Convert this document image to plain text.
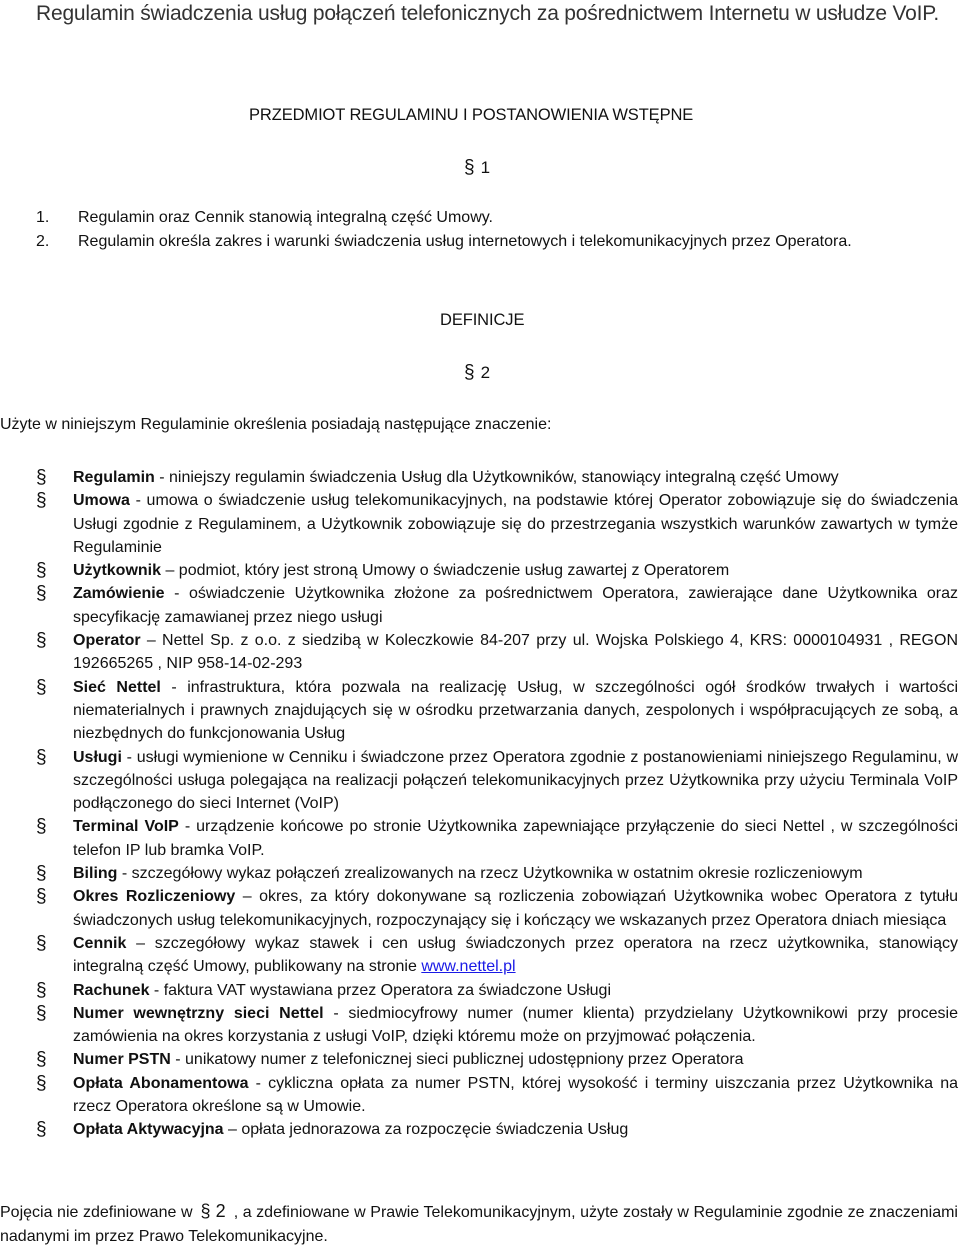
Regulamin świadczenia usług połączeń telefonicznych za pośrednictwem Internetu w usłudze VoIP.
PRZEDMIOT REGULAMINU I POSTANOWIENIA WSTĘPNE
§ 1
1. Regulamin oraz Cennik stanowią integralną część Umowy.
2. Regulamin określa zakres i warunki świadczenia usług internetowych i telekomunikacyjnych przez Operatora.
DEFINICJE
§ 2
Użyte w niniejszym Regulaminie określenia posiadają następujące znaczenie:
§ Regulamin - niniejszy regulamin świadczenia Usług dla Użytkowników, stanowiący integralną część Umowy
§ Umowa - umowa o świadczenie usług telekomunikacyjnych, na podstawie której Operator zobowiązuje się do świadczenia Usługi zgodnie z Regulaminem, a Użytkownik zobowiązuje się do przestrzegania wszystkich warunków zawartych w tymże Regulaminie
§ Użytkownik – podmiot, który jest stroną Umowy o świadczenie usług zawartej z Operatorem
§ Zamówienie - oświadczenie Użytkownika złożone za pośrednictwem Operatora, zawierające dane Użytkownika oraz specyfikację zamawianej przez niego usługi
§ Operator – Nettel Sp. z o.o. z siedzibą w Koleczkowie 84-207 przy ul. Wojska Polskiego 4, KRS: 0000104931 , REGON 192665265 , NIP 958-14-02-293
§ Sieć Nettel - infrastruktura, która pozwala na realizację Usług, w szczególności ogół środków trwałych i wartości niematerialnych i prawnych znajdujących się w ośrodku przetwarzania danych, zespolonych i współpracujących ze sobą, a niezbędnych do funkcjonowania Usług
§ Usługi - usługi wymienione w Cenniku i świadczone przez Operatora zgodnie z postanowieniami niniejszego Regulaminu, w szczególności usługa polegająca na realizacji połączeń telekomunikacyjnych przez Użytkownika przy użyciu Terminala VoIP podłączonego do sieci Internet (VoIP)
§ Terminal VoIP - urządzenie końcowe po stronie Użytkownika zapewniające przyłączenie do sieci Nettel , w szczególności telefon IP lub bramka VoIP.
§ Biling - szczegółowy wykaz połączeń zrealizowanych na rzecz Użytkownika w ostatnim okresie rozliczeniowym
§ Okres Rozliczeniowy – okres, za który dokonywane są rozliczenia zobowiązań Użytkownika wobec Operatora z tytułu świadczonych usług telekomunikacyjnych, rozpoczynający się i kończący we wskazanych przez Operatora dniach miesiąca
§ Cennik – szczegółowy wykaz stawek i cen usług świadczonych przez operatora na rzecz użytkownika, stanowiący integralną część Umowy, publikowany na stronie www.nettel.pl
§ Rachunek - faktura VAT wystawiana przez Operatora za świadczone Usługi
§ Numer wewnętrzny sieci Nettel - siedmiocyfrowy numer (numer klienta) przydzielany Użytkownikowi przy procesie zamówienia na okres korzystania z usługi VoIP, dzięki któremu może on przyjmować połączenia.
§ Numer PSTN - unikatowy numer z telefonicznej sieci publicznej udostępniony przez Operatora
§ Opłata Abonamentowa - cykliczna opłata za numer PSTN, której wysokość i terminy uiszczania przez Użytkownika na rzecz Operatora określone są w Umowie.
§ Opłata Aktywacyjna – opłata jednorazowa za rozpoczęcie świadczenia Usług
Pojęcia nie zdefiniowane w § 2 , a zdefiniowane w Prawie Telekomunikacyjnym, użyte zostały w Regulaminie zgodnie ze znaczeniami nadanymi im przez Prawo Telekomunikacyjne.
